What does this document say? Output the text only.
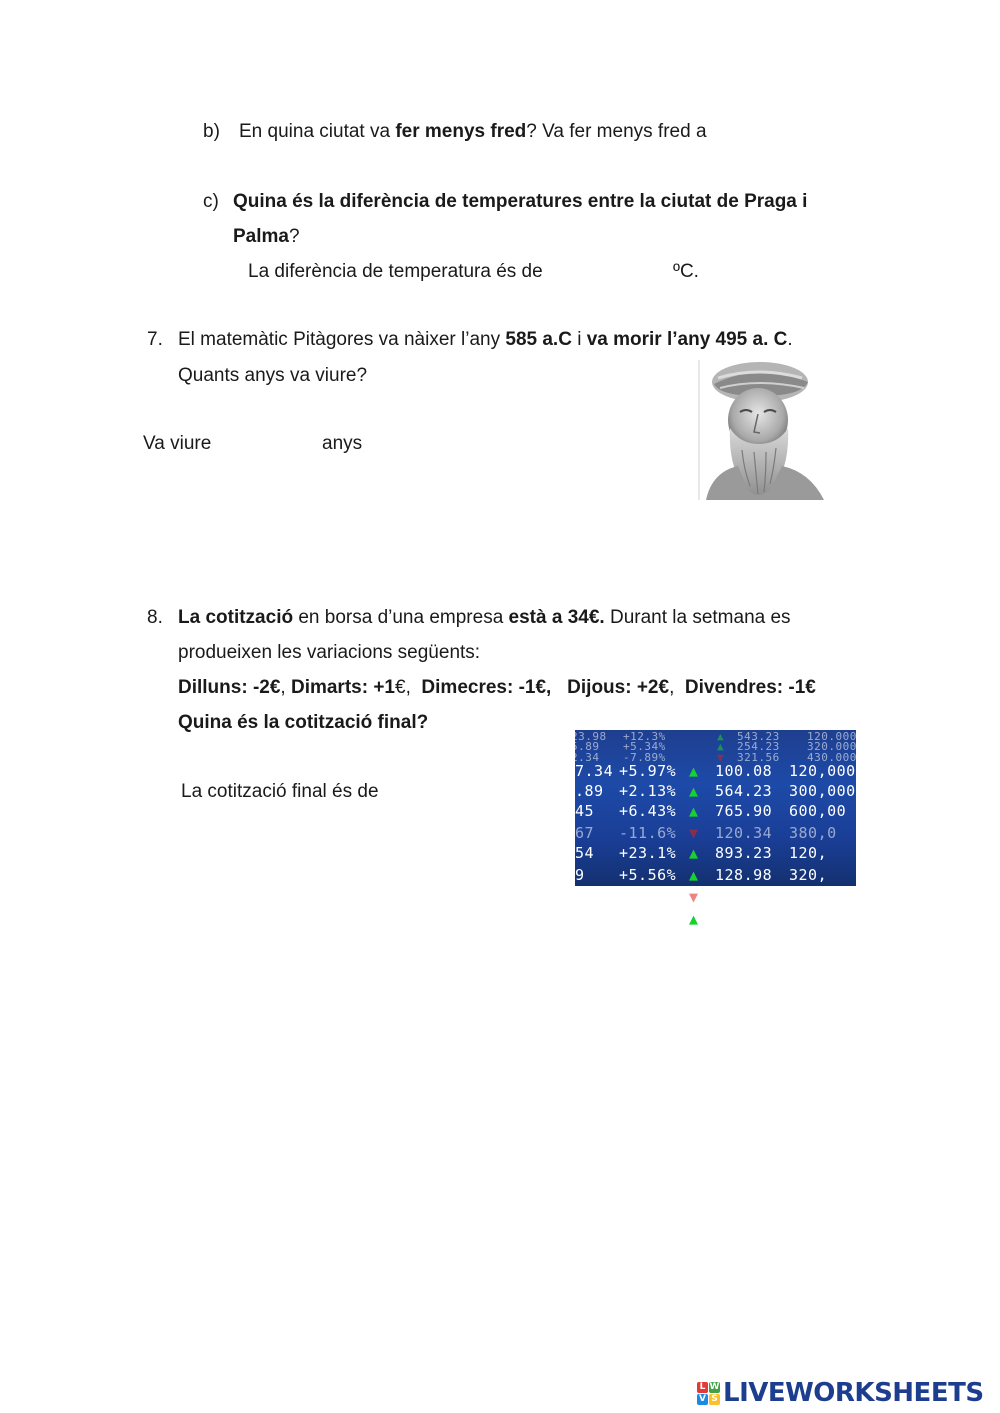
b) En quina ciutat va fer menys fred? Va fer menys fred a
c) Quina és la diferència de temperatures entre la ciutat de Praga i
Palma?
La diferència de temperatura és de	ºC.
7. El matemàtic Pitàgores va nàixer l’any 585 a.C i va morir l’any 495 a. C.
Quants anys va viure?
Va viure	anys
8. La cotització en borsa d’una empresa està a 34€. Durant la setmana es
produeixen les variacions següents:
Dilluns: -2€, Dimarts: +1€,  Dimecres: -1€, Dijous: +2€,  Divendres: -1€
Quina és la cotització final?
La cotització final és de
23.98 +12.3%	▲ 543.23 120.000
5.89 +5.34%	▲ 254.23 320.000
2.34 -7.89%	▼ 321.56 430.000
7.34 +5.97% ▲ 100.08 120,000
.89 +2.13% ▲ 564.23 300,000
45 +6.43% ▲ 765.90 600,00
67 -11.6% ▼ 120.34 380,0
54 +23.1% ▲ 893.23 120,
9 +5.56% ▲ 128.98 320,
3 -3.67% ▼ 432.12 750
+11.3% ▲ 765.23 15
L W
V S LIVEWORKSHEETS
